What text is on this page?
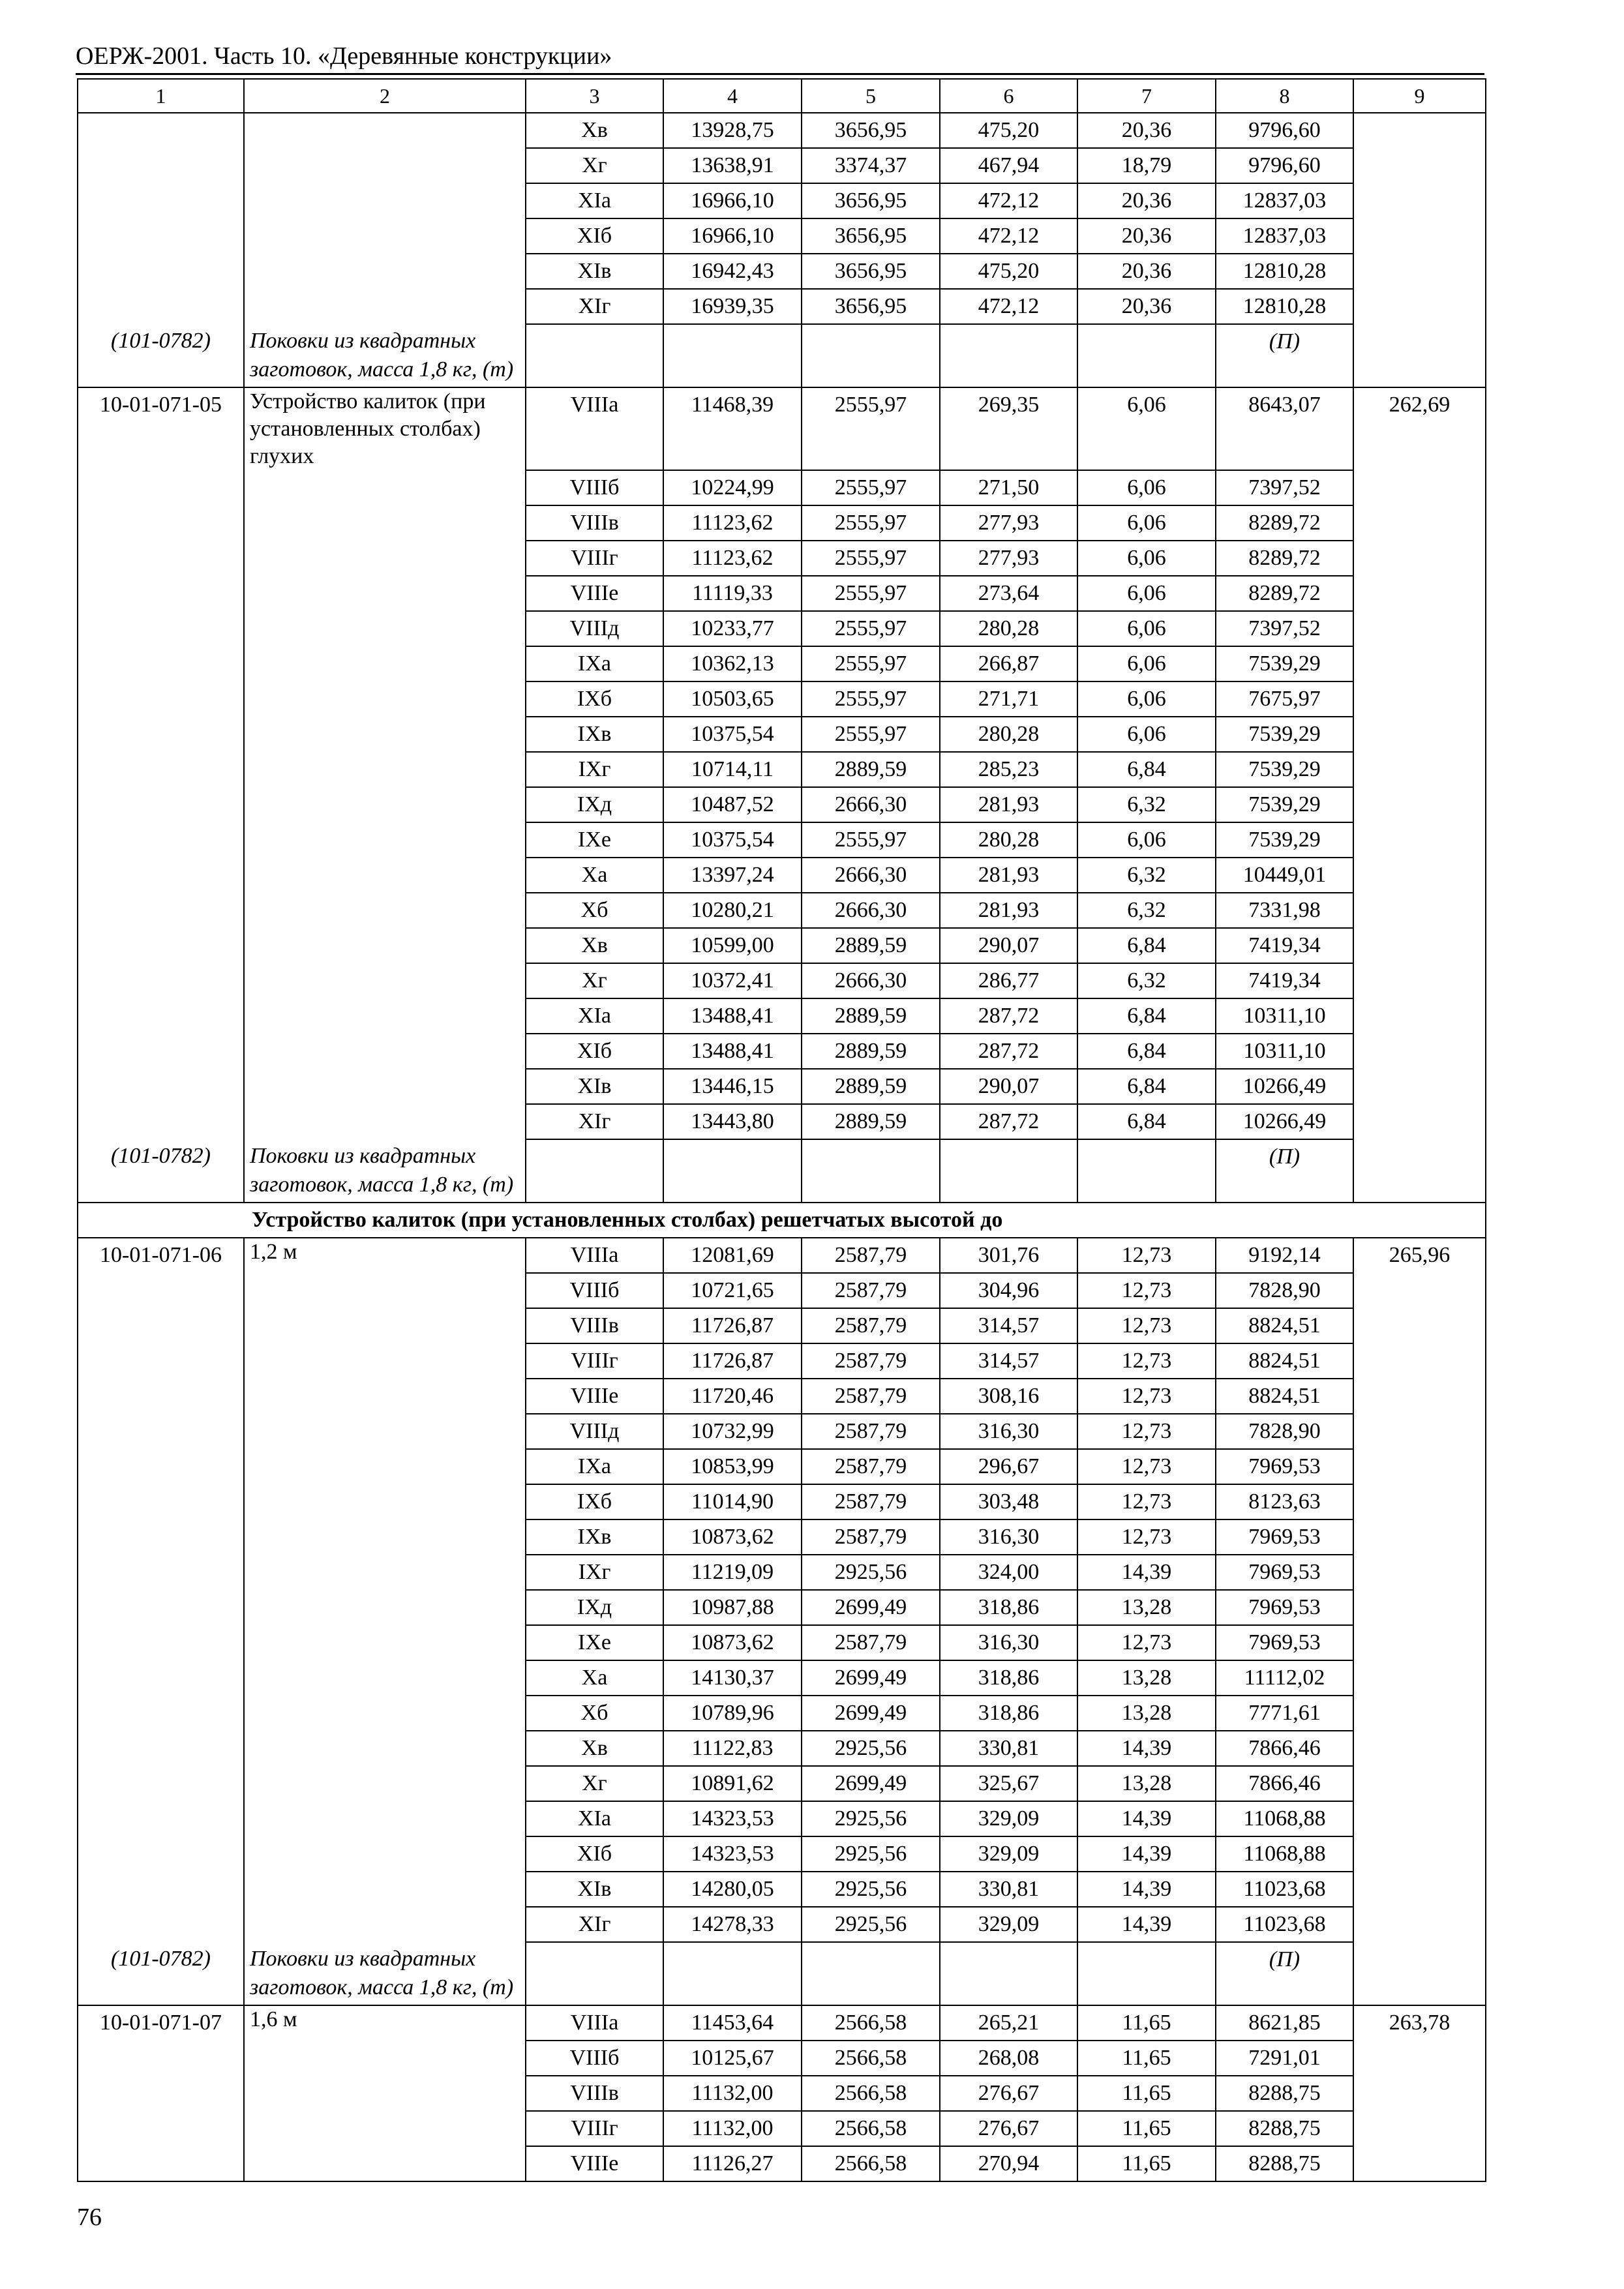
ОЕРЖ-2001. Часть 10. «Деревянные конструкции»
1	2	3	4	5	6	7	8	9
		Хв	13928,75	3656,95	475,20	20,36	9796,60	
		Хг	13638,91	3374,37	467,94	18,79	9796,60	
		XIа	16966,10	3656,95	472,12	20,36	12837,03	
		XIб	16966,10	3656,95	472,12	20,36	12837,03	
		XIв	16942,43	3656,95	475,20	20,36	12810,28	
		XIг	16939,35	3656,95	472,12	20,36	12810,28	
(101-0782)	Поковки из квадратных заготовок, масса 1,8 кг, (т)						(П)	
10-01-071-05	Устройство калиток (при установленных столбах) глухих	VIIIа	11468,39	2555,97	269,35	6,06	8643,07	262,69
		VIIIб	10224,99	2555,97	271,50	6,06	7397,52	
		VIIIв	11123,62	2555,97	277,93	6,06	8289,72	
		VIIIг	11123,62	2555,97	277,93	6,06	8289,72	
		VIIIе	11119,33	2555,97	273,64	6,06	8289,72	
		VIIIд	10233,77	2555,97	280,28	6,06	7397,52	
		IXа	10362,13	2555,97	266,87	6,06	7539,29	
		IXб	10503,65	2555,97	271,71	6,06	7675,97	
		IXв	10375,54	2555,97	280,28	6,06	7539,29	
		IXг	10714,11	2889,59	285,23	6,84	7539,29	
		IXд	10487,52	2666,30	281,93	6,32	7539,29	
		IXе	10375,54	2555,97	280,28	6,06	7539,29	
		Ха	13397,24	2666,30	281,93	6,32	10449,01	
		Хб	10280,21	2666,30	281,93	6,32	7331,98	
		Хв	10599,00	2889,59	290,07	6,84	7419,34	
		Хг	10372,41	2666,30	286,77	6,32	7419,34	
		XIа	13488,41	2889,59	287,72	6,84	10311,10	
		XIб	13488,41	2889,59	287,72	6,84	10311,10	
		XIв	13446,15	2889,59	290,07	6,84	10266,49	
		XIг	13443,80	2889,59	287,72	6,84	10266,49	
(101-0782)	Поковки из квадратных заготовок, масса 1,8 кг, (т)						(П)	
Устройство калиток (при установленных столбах) решетчатых высотой до								
10-01-071-06	1,2 м	VIIIа	12081,69	2587,79	301,76	12,73	9192,14	265,96
		VIIIб	10721,65	2587,79	304,96	12,73	7828,90	
		VIIIв	11726,87	2587,79	314,57	12,73	8824,51	
		VIIIг	11726,87	2587,79	314,57	12,73	8824,51	
		VIIIе	11720,46	2587,79	308,16	12,73	8824,51	
		VIIIд	10732,99	2587,79	316,30	12,73	7828,90	
		IXа	10853,99	2587,79	296,67	12,73	7969,53	
		IXб	11014,90	2587,79	303,48	12,73	8123,63	
		IXв	10873,62	2587,79	316,30	12,73	7969,53	
		IXг	11219,09	2925,56	324,00	14,39	7969,53	
		IXд	10987,88	2699,49	318,86	13,28	7969,53	
		IXе	10873,62	2587,79	316,30	12,73	7969,53	
		Ха	14130,37	2699,49	318,86	13,28	11112,02	
		Хб	10789,96	2699,49	318,86	13,28	7771,61	
		Хв	11122,83	2925,56	330,81	14,39	7866,46	
		Хг	10891,62	2699,49	325,67	13,28	7866,46	
		XIа	14323,53	2925,56	329,09	14,39	11068,88	
		XIб	14323,53	2925,56	329,09	14,39	11068,88	
		XIв	14280,05	2925,56	330,81	14,39	11023,68	
		XIг	14278,33	2925,56	329,09	14,39	11023,68	
(101-0782)	Поковки из квадратных заготовок, масса 1,8 кг, (т)						(П)	
10-01-071-07	1,6 м	VIIIа	11453,64	2566,58	265,21	11,65	8621,85	263,78
		VIIIб	10125,67	2566,58	268,08	11,65	7291,01	
		VIIIв	11132,00	2566,58	276,67	11,65	8288,75	
		VIIIг	11132,00	2566,58	276,67	11,65	8288,75	
		VIIIе	11126,27	2566,58	270,94	11,65	8288,75	
76
